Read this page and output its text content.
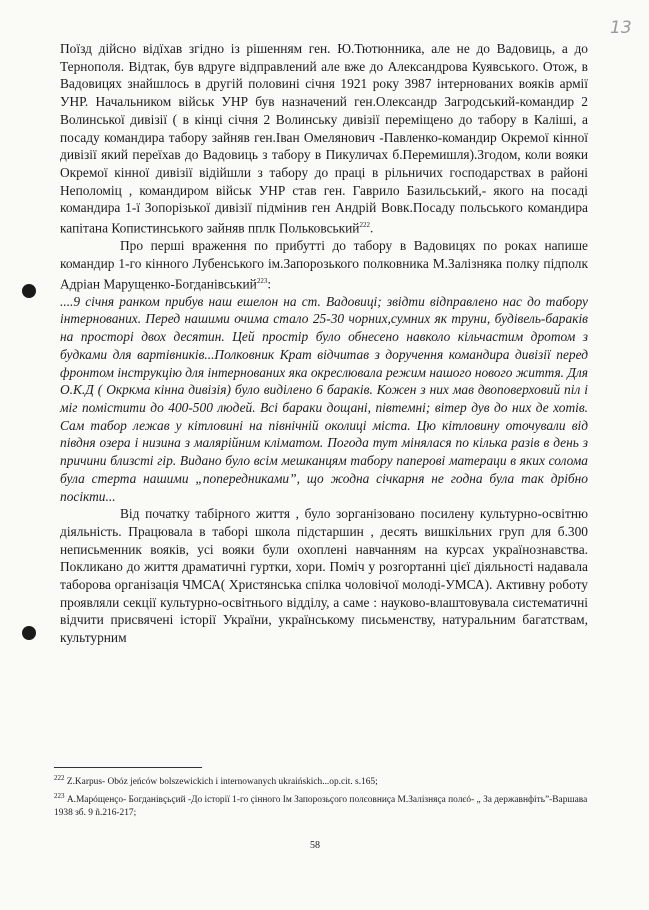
13

Поїзд дійсно відїхав згідно із рішенням ген. Ю.Тютюнника, але не до Вадовиць, а до Тернополя. Відтак, був вдруге відправлений але вже до Александрова Куявського. Отож, в Вадовицях знайшлось в другій половині січня 1921 року 3987 інтернованих вояків армії УНР. Начальником військ УНР був назначений ген.Олександр Загродський-командир 2 Волинської дивізії ( в кінці січня 2 Волинську дивізії переміщено до табору в Каліші, а посаду командира табору зайняв ген.Іван Омелянович -Павленко-командир Окремої кінної дивізії який переїхав до Вадовиць з табору в Пикуличах б.Перемишля).Згодом, коли вояки Окремої кінної дивізії відійшли з табору до праці в рільничих господарствах в районі Неполоміц , командиром військ УНР став ген. Гаврило Базильський,- якого на посаді командира 1-ї Зопорізької дивізії підмінив ген Андрій Вовк.Посаду польського командира капітана Копистинського зайняв пплк Польковський$^{222}$.

Про перші враження по прибутті до табору в Вадовицях по роках напише командир 1-го кінного Лубенського ім.Запорозького полковника М.Залізняка полку підполк Адріан Марущенко-Богданівський$^{223}$:

....9 січня ранком прибув наш ешелон на ст. Вадовиці; звідти відправлено нас до табору інтернованих. Перед нашими очима стало 25-30 чорних,сумних як труни, будівель-бараків на просторі двох десятин. Цей простір було обнесено навколо кільчастим дротом з будками для вартівників...Полковник Крат відчитав з доручення командира дивізії перед фронтом інструкцію для інтернованих яка окреслювала режим нашого нового життя. Для О.К.Д ( Окркма кінна дивізія) було виділено 6 бараків. Кожен з них мав двоповерховий піл і міг помістити до 400-500 людей. Всі бараки дощані, півтемні; вітер дув до них де хотів. Сам табор лежав у кітловині на північній околиці міста. Цю кітловину оточували від півдня озера і низина з малярійним кліматом. Погода тут мінялася по кілька разів в день з причини близсті гір. Видано було всім мешканцям табору паперові матераци в яких солома була стерта нашими „попередниками”, що жодна січкарня не годна була так дрібно посікти...

Від початку табірного життя , було зорганізовано посилену культурно-освітню діяльність. Працювала в таборі школа підстаршин , десять вишкільних груп для б.300 неписьменник вояків, усі вояки були охоплені навчанням на курсах українознавства. Покликано до життя драматичні гуртки, хори. Поміч у розгортанні цієї діяльності надавала таборова організація ЧМСА( Христянська спілка чоловічої молоді-УМСА). Активну роботу проявляли секції культурно-освітнього відділу, а саме : науково-влаштовувала систематичні відчити присвячені історії України, українському письменству, натуральним багатствам, культурним

$^{222}$ Z.Karpus- Obóz jeńców bolszewickich i internowanych ukraińskich...op.cit. s.165;

$^{223}$ А.Марóщенçо- Богданівçьçий -До історії 1-го çінного Ім Запорозьçого полєовниçа М.Залізняçа полєó- „ За державнфіть”-Варшава 1938 зб. 9 ñ.216-217;

58
